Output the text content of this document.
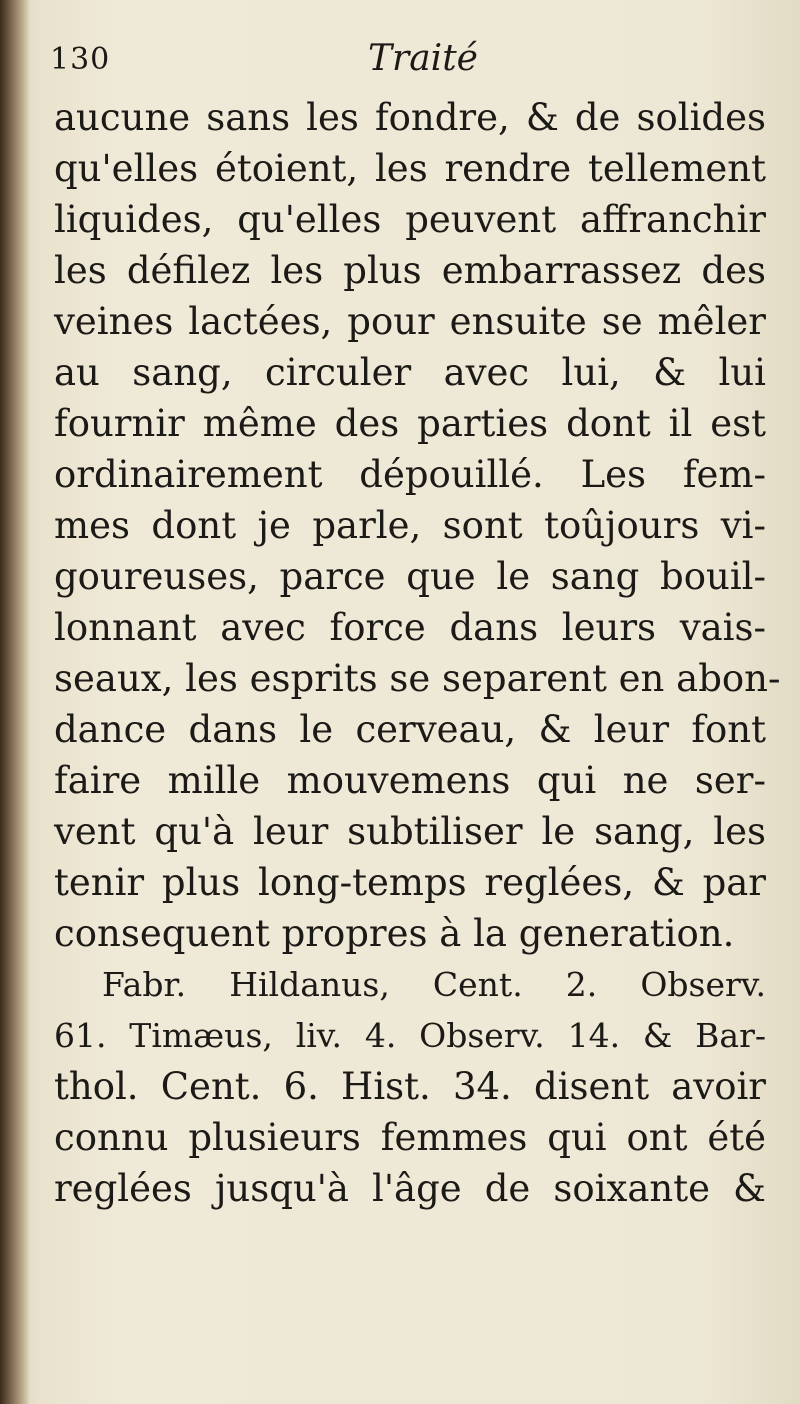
130	Traité
aucune sans les fondre, & de solides
qu'elles étoient, les rendre tellement
liquides, qu'elles peuvent affranchir
les défilez les plus embarrassez des
veines lactées, pour ensuite se mêler
au sang, circuler avec lui, & lui
fournir même des parties dont il est
ordinairement dépouillé. Les fem-
mes dont je parle, sont toûjours vi-
goureuses, parce que le sang bouil-
lonnant avec force dans leurs vais-
seaux, les esprits se separent en abon-
dance dans le cerveau, & leur font
faire mille mouvemens qui ne ser-
vent qu'à leur subtiliser le sang, les
tenir plus long-temps reglées, & par
consequent propres à la generation.
Fabr. Hildanus, Cent. 2. Observ.
61. Timæus, liv. 4. Observ. 14. & Bar-
thol. Cent. 6. Hist. 34. disent avoir
connu plusieurs femmes qui ont été
reglées jusqu'à l'âge de soixante &
